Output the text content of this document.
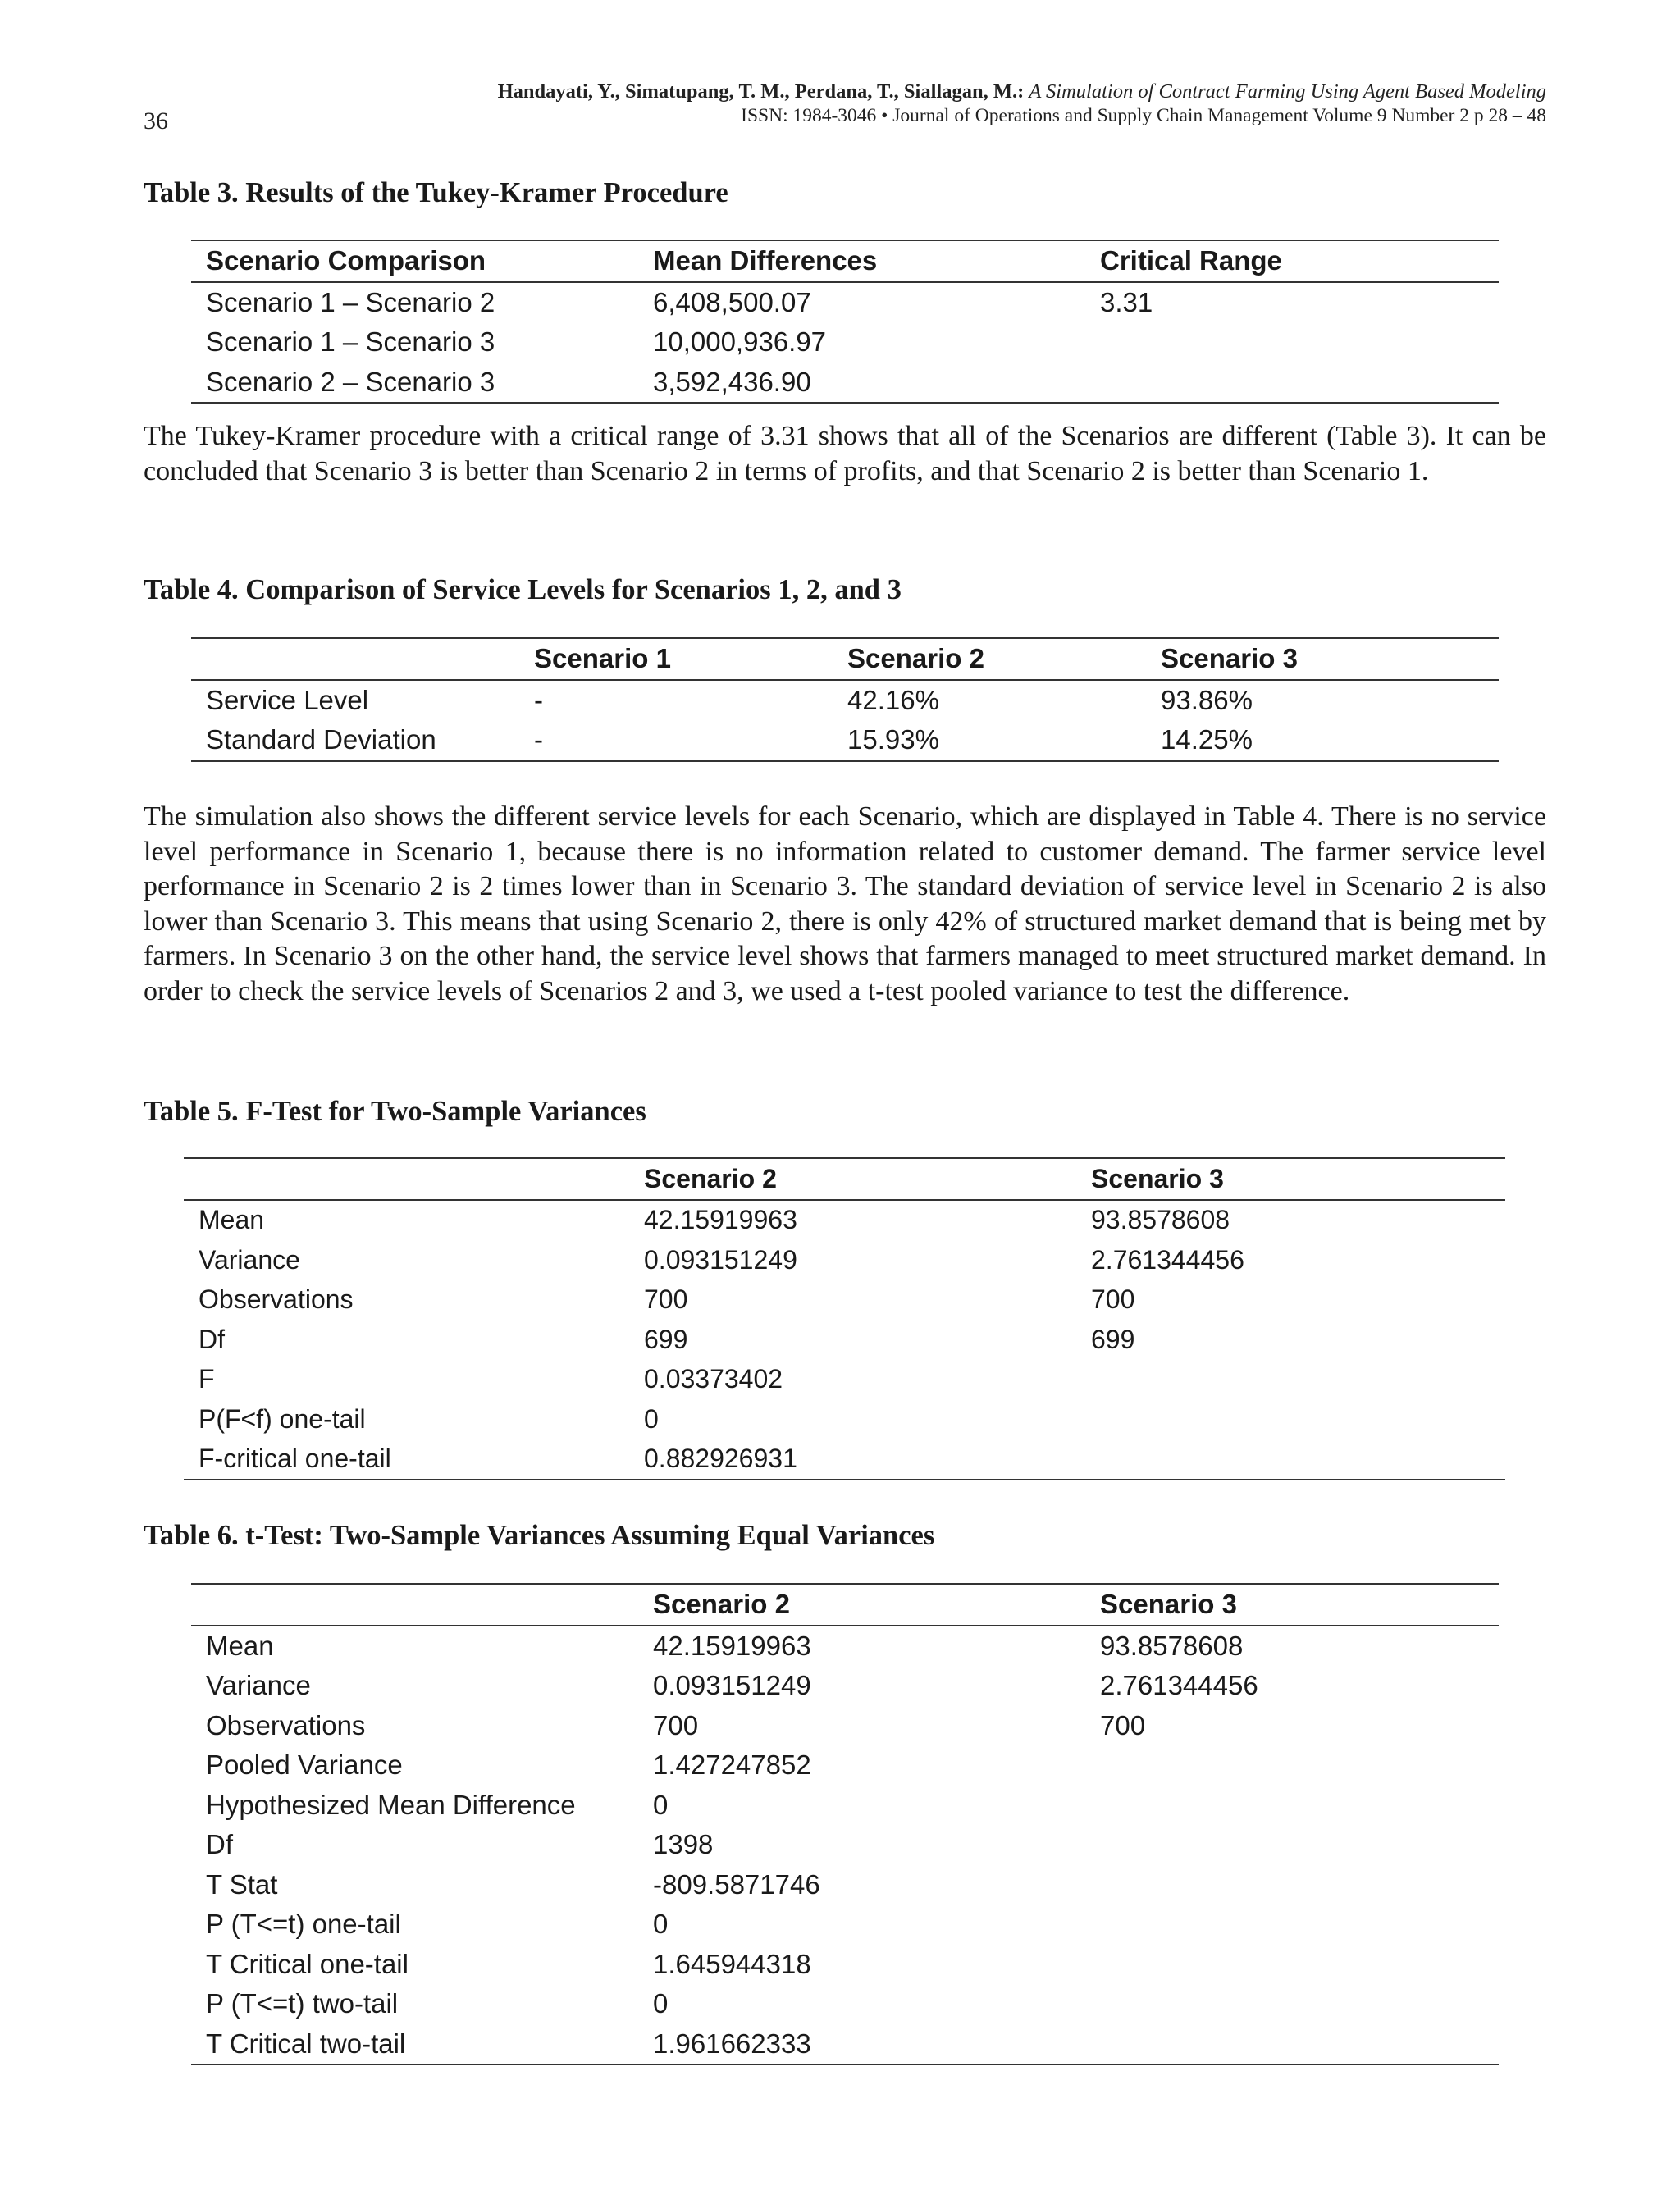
Handayati, Y., Simatupang, T. M., Perdana, T., Siallagan, M.: A Simulation of Contract Farming Using Agent Based Modeling
ISSN: 1984-3046 • Journal of Operations and Supply Chain Management Volume 9 Number 2 p 28 – 48
36
Table 3. Results of the Tukey-Kramer Procedure
Scenario Comparison	Mean Differences	Critical Range
Scenario 1 – Scenario 2	6,408,500.07	3.31
Scenario 1 – Scenario 3	10,000,936.97	
Scenario 2 – Scenario 3	3,592,436.90	
The Tukey-Kramer procedure with a critical range of 3.31 shows that all of the Scenarios are different (Table 3). It can be concluded that Scenario 3 is better than Scenario 2 in terms of profits, and that Scenario 2 is better than Scenario 1.
Table 4. Comparison of Service Levels for Scenarios 1, 2, and 3
	Scenario 1	Scenario 2	Scenario 3
Service Level	-	42.16%	93.86%
Standard Deviation	-	15.93%	14.25%
The simulation also shows the different service levels for each Scenario, which are displayed in Table 4. There is no service level performance in Scenario 1, because there is no information related to customer demand. The farmer service level performance in Scenario 2 is 2 times lower than in Scenario 3. The standard deviation of service level in Scenario 2 is also lower than Scenario 3. This means that using Scenario 2, there is only 42% of structured market demand that is being met by farmers. In Scenario 3 on the other hand, the service level shows that farmers managed to meet structured market demand. In order to check the service levels of Scenarios 2 and 3, we used a t-test pooled variance to test the difference.
Table 5. F-Test for Two-Sample Variances
	Scenario 2	Scenario 3
Mean	42.15919963	93.8578608
Variance	0.093151249	2.761344456
Observations	700	700
Df	699	699
F	0.03373402	
P(F<f) one-tail	0	
F-critical one-tail	0.882926931	
Table 6. t-Test: Two-Sample Variances Assuming Equal Variances
	Scenario 2	Scenario 3
Mean	42.15919963	93.8578608
Variance	0.093151249	2.761344456
Observations	700	700
Pooled Variance	1.427247852	
Hypothesized Mean Difference	0	
Df	1398	
T Stat	-809.5871746	
P (T<=t) one-tail	0	
T Critical one-tail	1.645944318	
P (T<=t) two-tail	0	
T Critical two-tail	1.961662333	
